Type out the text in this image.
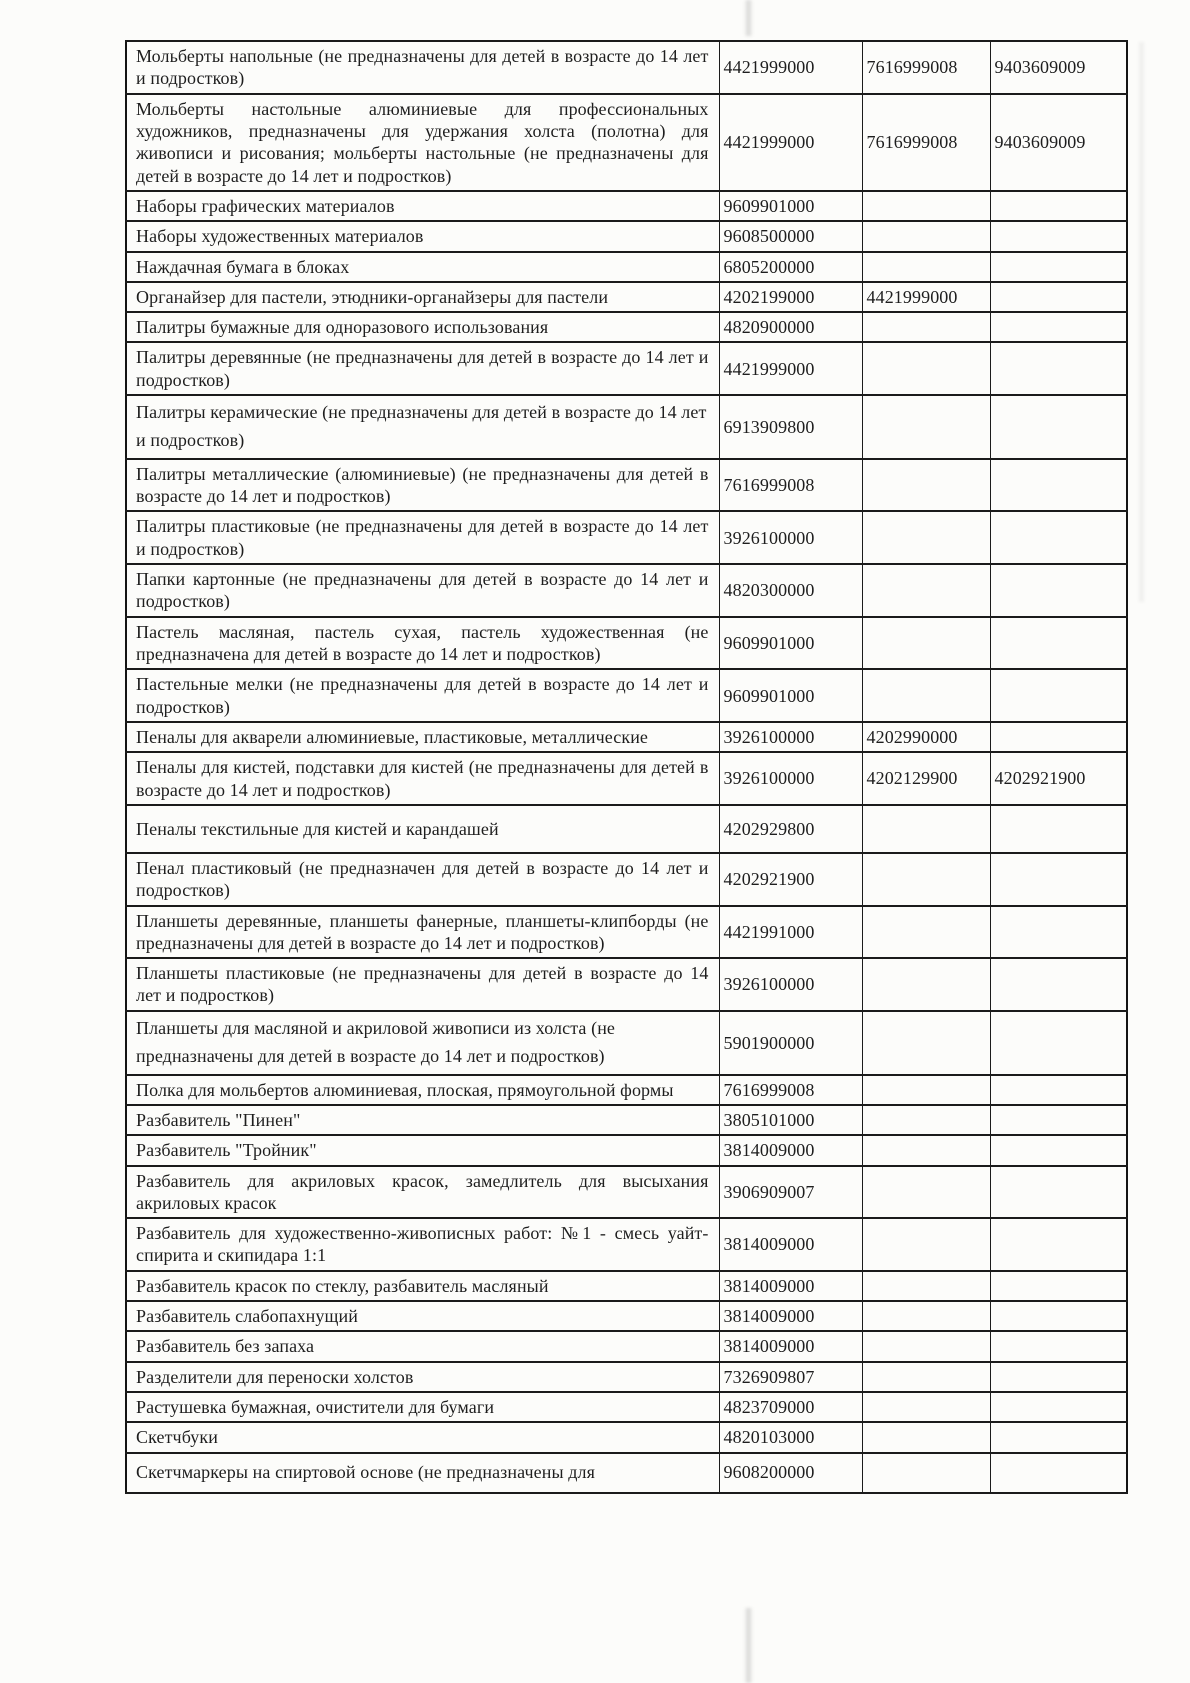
Мольберты напольные (не предназначены для детей в возрасте до 14 лет и подростков)	4421999000	7616999008	9403609009
Мольберты настольные алюминиевые для профессиональных художников, предназначены для удержания холста (полотна) для живописи и рисования; мольберты настольные (не предназначены для детей в возрасте до 14 лет и подростков)	4421999000	7616999008	9403609009
Наборы графических материалов	9609901000		
Наборы художественных материалов	9608500000		
Наждачная бумага в блоках	6805200000		
Органайзер для пастели, этюдники-органайзеры для пастели	4202199000	4421999000	
Палитры бумажные для одноразового использования	4820900000		
Палитры деревянные (не предназначены для детей в возрасте до 14 лет и подростков)	4421999000		
Палитры керамические (не предназначены для детей в возрасте до 14 лет и подростков)	6913909800		
Палитры металлические (алюминиевые) (не предназначены для детей в возрасте до 14 лет и подростков)	7616999008		
Палитры пластиковые (не предназначены для детей в возрасте до 14 лет и подростков)	3926100000		
Папки картонные (не предназначены для детей в возрасте до 14 лет и подростков)	4820300000		
Пастель масляная, пастель сухая, пастель художественная (не предназначена для детей в возрасте до 14 лет и подростков)	9609901000		
Пастельные мелки (не предназначены для детей в возрасте до 14 лет и подростков)	9609901000		
Пеналы для акварели алюминиевые, пластиковые, металлические	3926100000	4202990000	
Пеналы для кистей, подставки для кистей (не предназначены для детей в возрасте до 14 лет и подростков)	3926100000	4202129900	4202921900
Пеналы текстильные для кистей и карандашей	4202929800		
Пенал пластиковый (не предназначен для детей в возрасте до 14 лет и подростков)	4202921900		
Планшеты деревянные, планшеты фанерные, планшеты-клипборды (не предназначены для детей в возрасте до 14 лет и подростков)	4421991000		
Планшеты пластиковые (не предназначены для детей в возрасте до 14 лет и подростков)	3926100000		
Планшеты для масляной и акриловой живописи из холста (не предназначены для детей в возрасте до 14 лет и подростков)	5901900000		
Полка для мольбертов алюминиевая, плоская, прямоугольной формы	7616999008		
Разбавитель "Пинен"	3805101000		
Разбавитель "Тройник"	3814009000		
Разбавитель для акриловых красок, замедлитель для высыхания акриловых красок	3906909007		
Разбавитель для художественно-живописных работ: №1 - смесь уайт-спирита и скипидара 1:1	3814009000		
Разбавитель красок по стеклу, разбавитель масляный	3814009000		
Разбавитель слабопахнущий	3814009000		
Разбавитель без запаха	3814009000		
Разделители для переноски холстов	7326909807		
Растушевка бумажная, очистители для бумаги	4823709000		
Скетчбуки	4820103000		
Скетчмаркеры на спиртовой основе (не предназначены для	9608200000		
